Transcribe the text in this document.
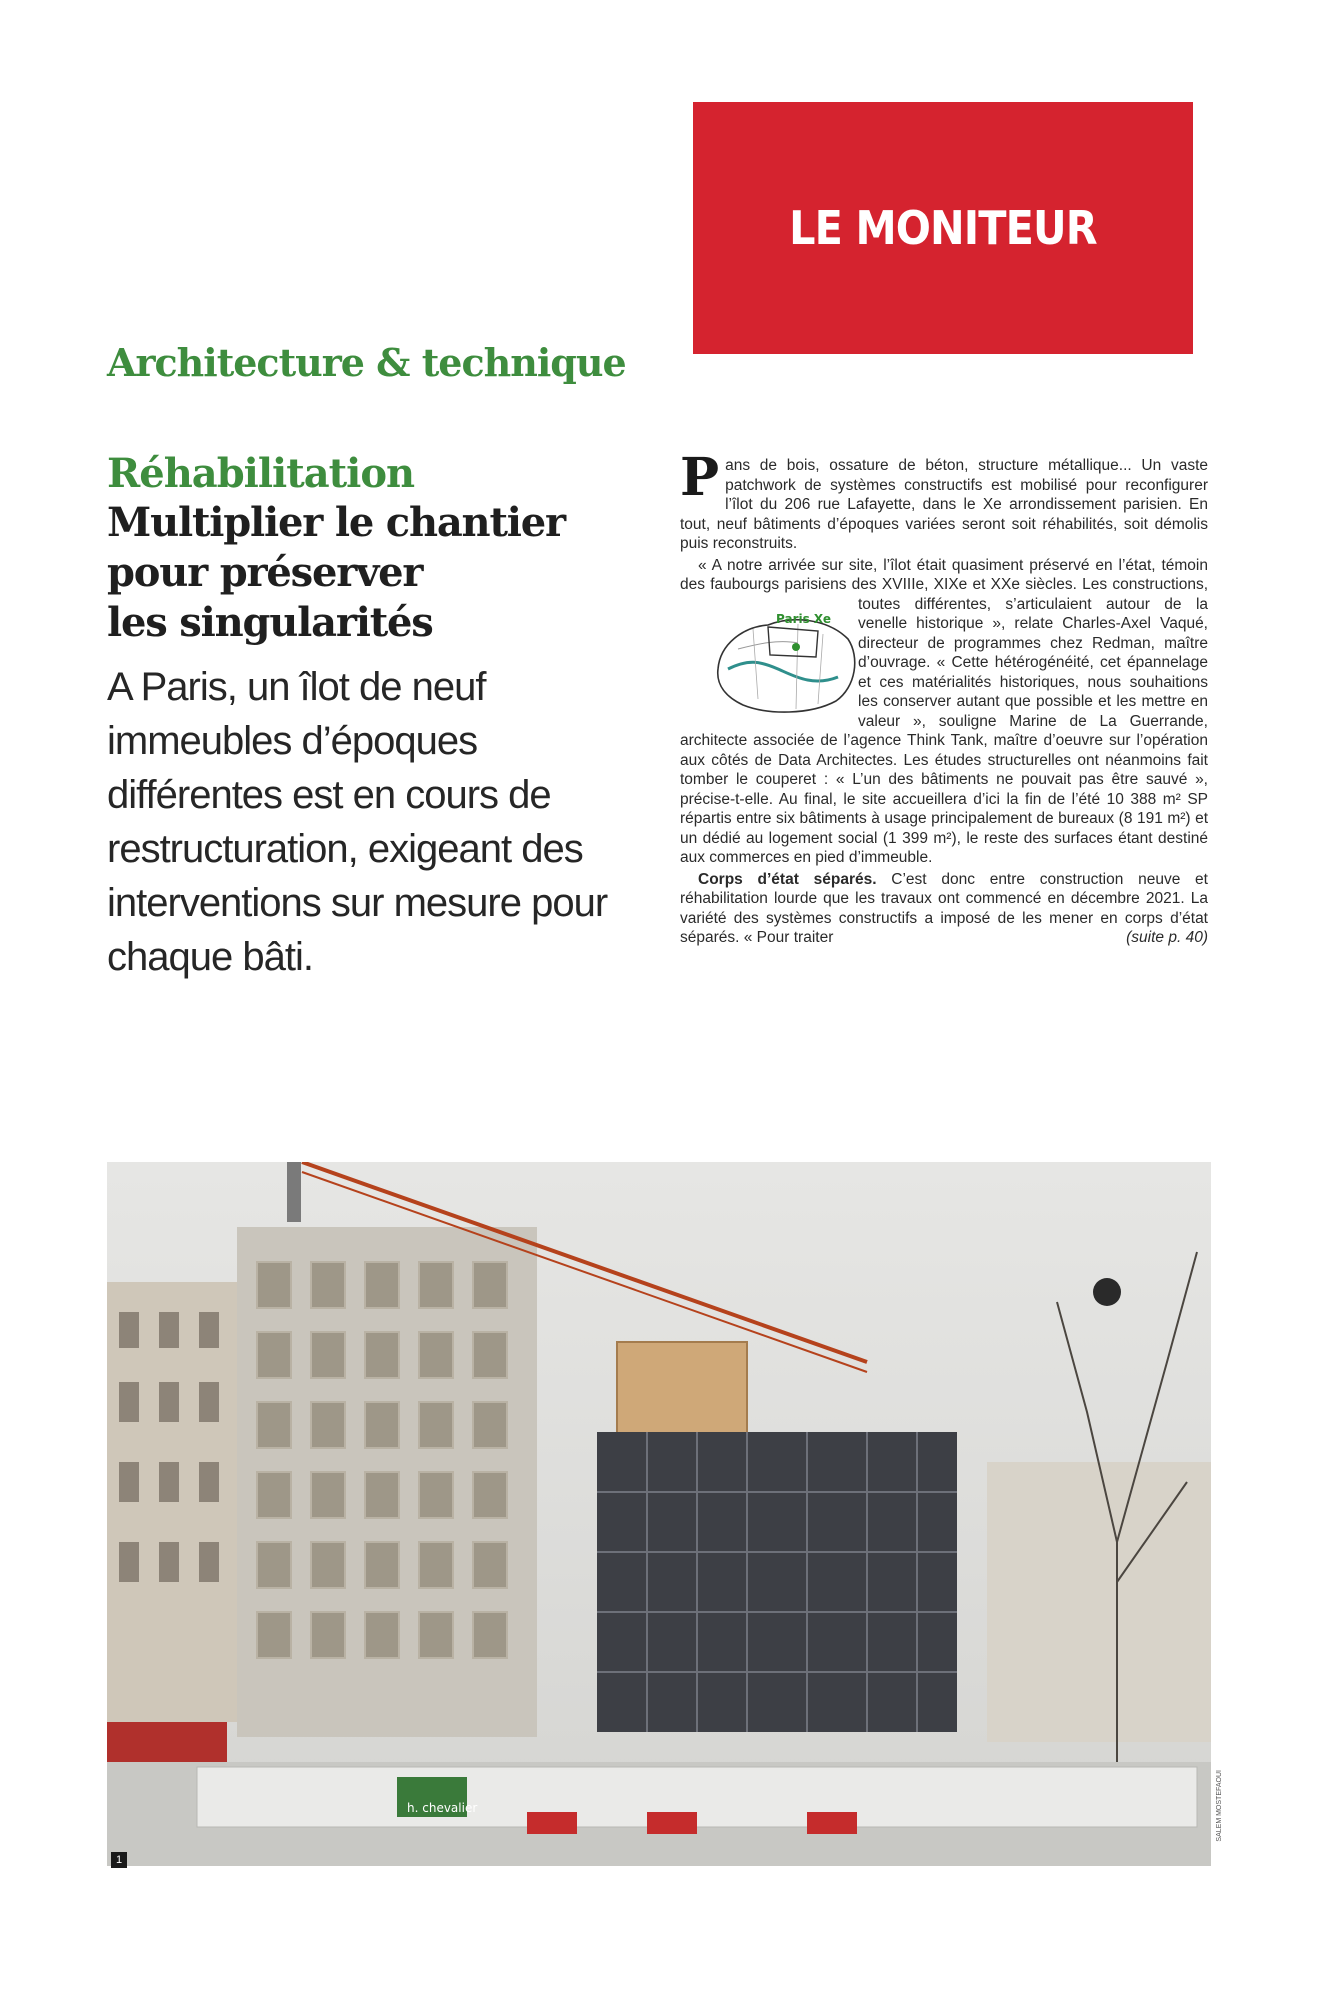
LE MONITEUR
Architecture & technique
Réhabilitation
Multiplier le chantier
pour préserver
les singularités
A Paris, un îlot de neuf immeubles d’époques différentes est en cours de restructuration, exigeant des interventions sur mesure pour chaque bâti.

Pans de bois, ossature de béton, structure métallique... Un vaste patchwork de systèmes constructifs est mobilisé pour reconfigurer l’îlot du 206 rue Lafayette, dans le Xe arrondissement parisien. En tout, neuf bâtiments d’époques variées seront soit réhabilités, soit démolis puis reconstruits.

« A notre arrivée sur site, l’îlot était quasiment préservé en l’état, témoin des faubourgs parisiens des XVIIIe, XIXe et XXe siècles. Les constructions, toutes différentes, s’articulaient
Paris Xe
autour de la venelle historique », relate Charles-Axel Vaqué, directeur de programmes chez Redman, maître d’ouvrage. « Cette hétérogénéité, cet épannelage et ces matérialités historiques, nous souhaitions les conserver autant que possible et les mettre en valeur », souligne Marine de La Guerrande, architecte associée de l’agence Think Tank, maître d’oeuvre sur l’opération aux côtés de Data Architectes. Les études structurelles ont néanmoins fait tomber le couperet : « L’un des bâtiments ne pouvait pas être sauvé », précise-t-elle. Au final, le site accueillera d’ici la fin de l’été 10 388 m² SP répartis entre six bâtiments à usage principalement de bureaux (8 191 m²) et un dédié au logement social (1 399 m²), le reste des surfaces étant destiné aux commerces en pied d’immeuble.

Corps d’état séparés. C’est donc entre construction neuve et réhabilitation lourde que les travaux ont commencé en décembre 2021. La variété des systèmes constructifs a imposé de les mener en corps d’état séparés. « Pour traiter	(suite p. 40)

h. chevalier
1
SALEM MOSTEFAOUI
